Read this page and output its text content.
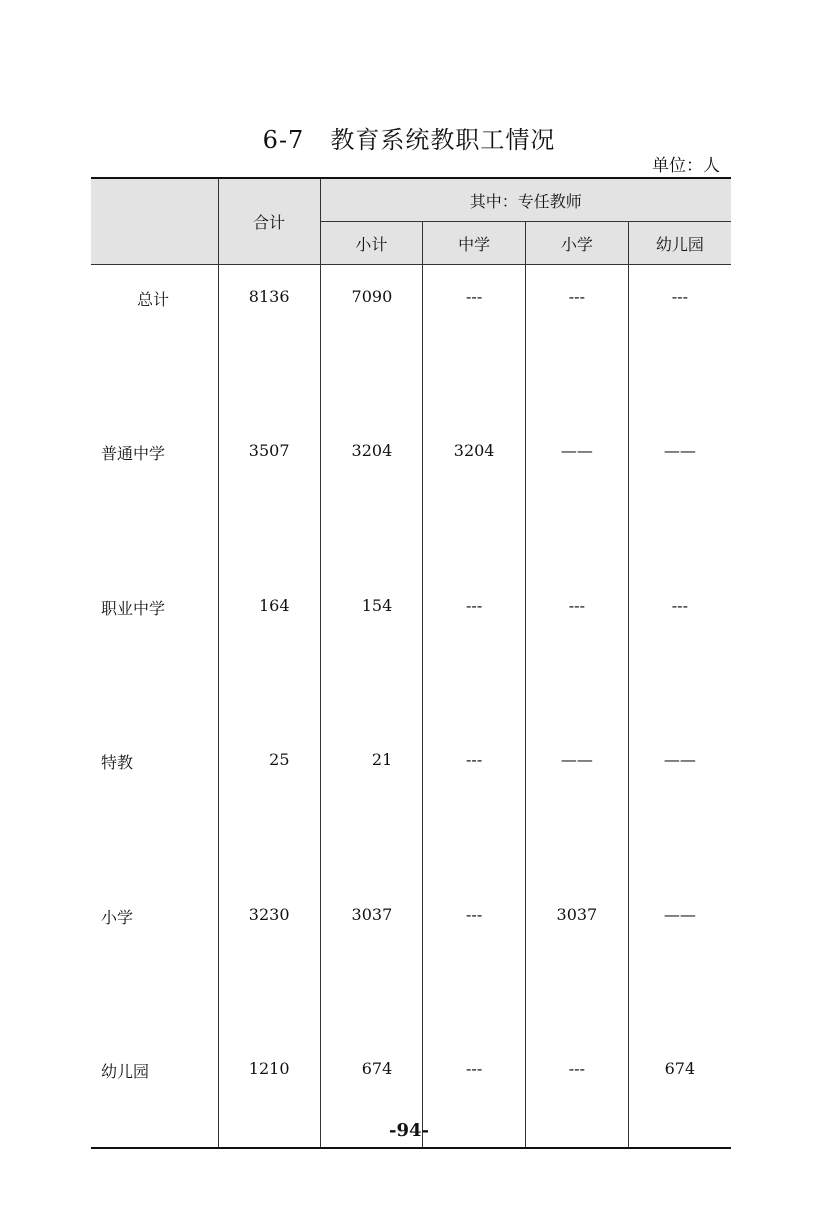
6-7 教育系统教职工情况
单位：人
	合计	其中：专任教师			
		小计	中学	小学	幼儿园

总计	8136	7090	---	---	---

普通中学	3507	3204	3204	——	——

职业中学	164	154	---	---	---

特教	25	21	---	——	——

小学	3230	3037	---	3037	——

幼儿园	1210	674	---	---	674
-94-
